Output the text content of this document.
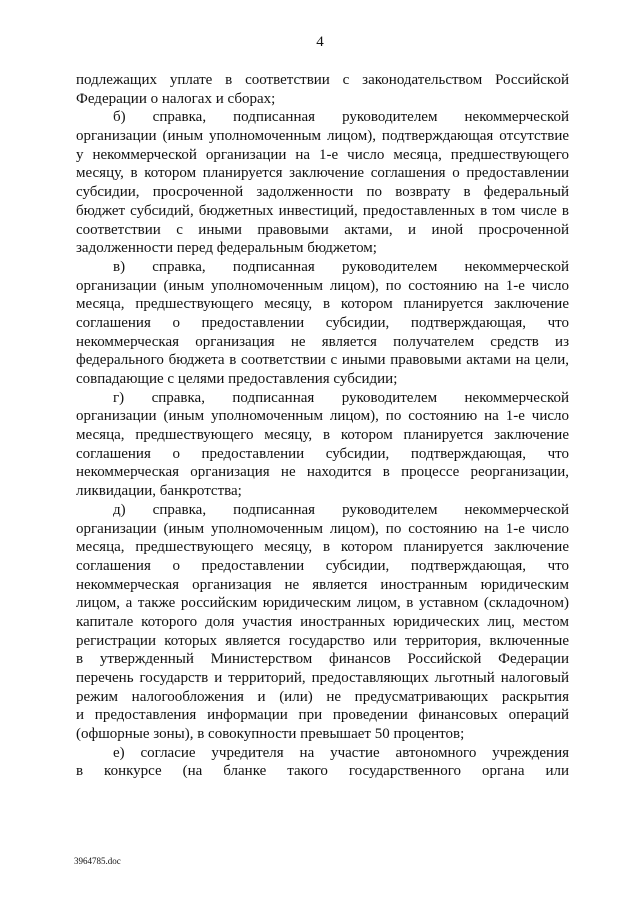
4
подлежащих уплате в соответствии с законодательством Российской
Федерации о налогах и сборах;
б) справка, подписанная руководителем некоммерческой
организации (иным уполномоченным лицом), подтверждающая отсутствие
у некоммерческой организации на 1-е число месяца, предшествующего
месяцу, в котором планируется заключение соглашения о предоставлении
субсидии, просроченной задолженности по возврату в федеральный
бюджет субсидий, бюджетных инвестиций, предоставленных в том числе в
соответствии с иными правовыми актами, и иной просроченной
задолженности перед федеральным бюджетом;
в) справка, подписанная руководителем некоммерческой
организации (иным уполномоченным лицом), по состоянию на 1-е число
месяца, предшествующего месяцу, в котором планируется заключение
соглашения о предоставлении субсидии, подтверждающая, что
некоммерческая организация не является получателем средств из
федерального бюджета в соответствии с иными правовыми актами на цели,
совпадающие с целями предоставления субсидии;
г) справка, подписанная руководителем некоммерческой
организации (иным уполномоченным лицом), по состоянию на 1-е число
месяца, предшествующего месяцу, в котором планируется заключение
соглашения о предоставлении субсидии, подтверждающая, что
некоммерческая организация не находится в процессе реорганизации,
ликвидации, банкротства;
д) справка, подписанная руководителем некоммерческой
организации (иным уполномоченным лицом), по состоянию на 1-е число
месяца, предшествующего месяцу, в котором планируется заключение
соглашения о предоставлении субсидии, подтверждающая, что
некоммерческая организация не является иностранным юридическим
лицом, а также российским юридическим лицом, в уставном (складочном)
капитале которого доля участия иностранных юридических лиц, местом
регистрации которых является государство или территория, включенные
в утвержденный Министерством финансов Российской Федерации
перечень государств и территорий, предоставляющих льготный налоговый
режим налогообложения и (или) не предусматривающих раскрытия
и предоставления информации при проведении финансовых операций
(офшорные зоны), в совокупности превышает 50 процентов;
е) согласие учредителя на участие автономного учреждения
в конкурсе (на бланке такого государственного органа или
3964785.doc
